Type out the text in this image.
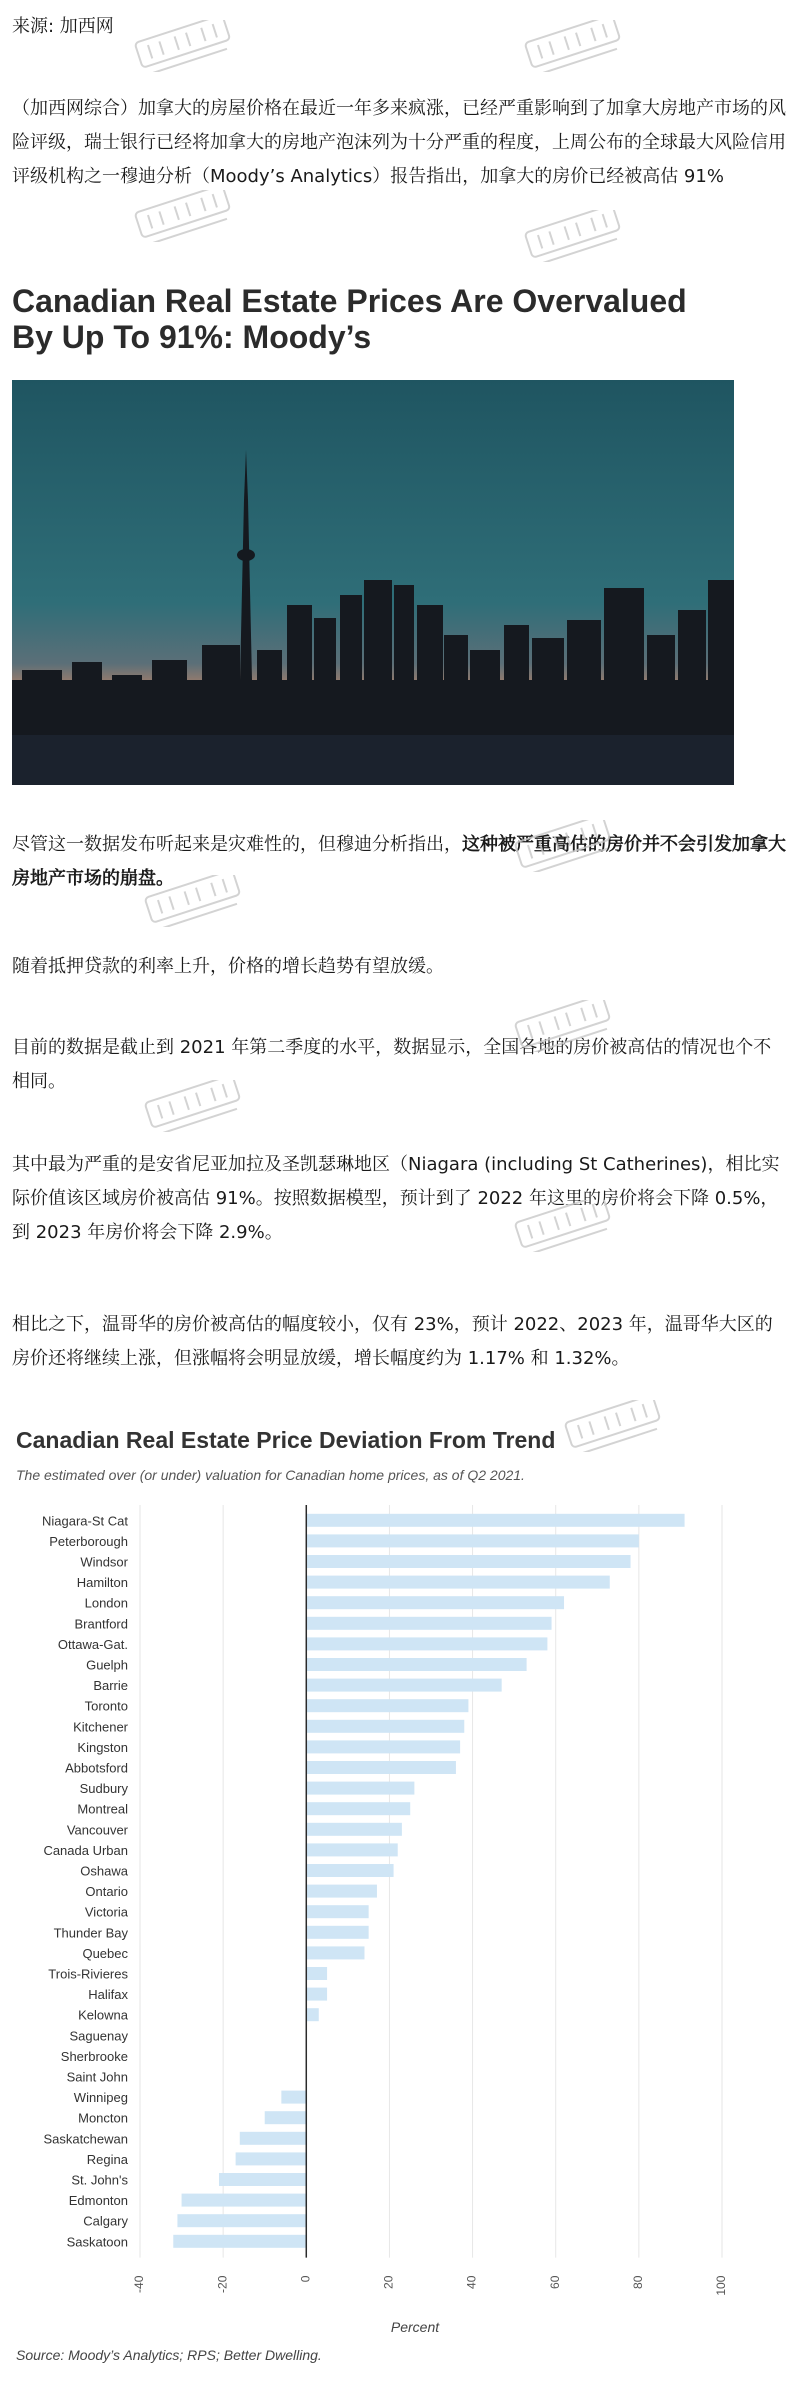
来源: 加西网

（加西网综合）加拿大的房屋价格在最近一年多来疯涨，已经严重影响到了加拿大房地产市场的风险评级，瑞士银行已经将加拿大的房地产泡沫列为十分严重的程度，上周公布的全球最大风险信用评级机构之一穆迪分析（Moody’s Analytics）报告指出，加拿大的房价已经被高估 91%

Canadian Real Estate Prices Are Overvalued By Up To 91%: Moody’s

尽管这一数据发布听起来是灾难性的，但穆迪分析指出，这种被严重高估的房价并不会引发加拿大房地产市场的崩盘。

随着抵押贷款的利率上升，价格的增长趋势有望放缓。

目前的数据是截止到 2021 年第二季度的水平，数据显示，全国各地的房价被高估的情况也个不相同。

其中最为严重的是安省尼亚加拉及圣凯瑟琳地区（Niagara (including St Catherines)，相比实际价值该区域房价被高估 91%。按照数据模型，预计到了 2022 年这里的房价将会下降 0.5%，到 2023 年房价将会下降 2.9%。

相比之下，温哥华的房价被高估的幅度较小，仅有 23%，预计 2022、2023 年，温哥华大区的房价还将继续上涨，但涨幅将会明显放缓，增长幅度约为 1.17% 和 1.32%。

Canadian Real Estate Price Deviation From Trend

The estimated over (or under) valuation for Canadian home prices, as of Q2 2021.

Niagara-St Cat
Peterborough
Windsor
Hamilton
London
Brantford
Ottawa-Gat.
Guelph
Barrie
Toronto
Kitchener
Kingston
Abbotsford
Sudbury
Montreal
Vancouver
Canada Urban
Oshawa
Ontario
Victoria
Thunder Bay
Quebec
Trois-Rivieres
Halifax
Kelowna
Saguenay
Sherbrooke
Saint John
Winnipeg
Moncton
Saskatchewan
Regina
St. John's
Edmonton
Calgary
Saskatoon
-40	-20	0	20	40	60	80	100
Percent

Source: Moody’s Analytics; RPS; Better Dwelling.
